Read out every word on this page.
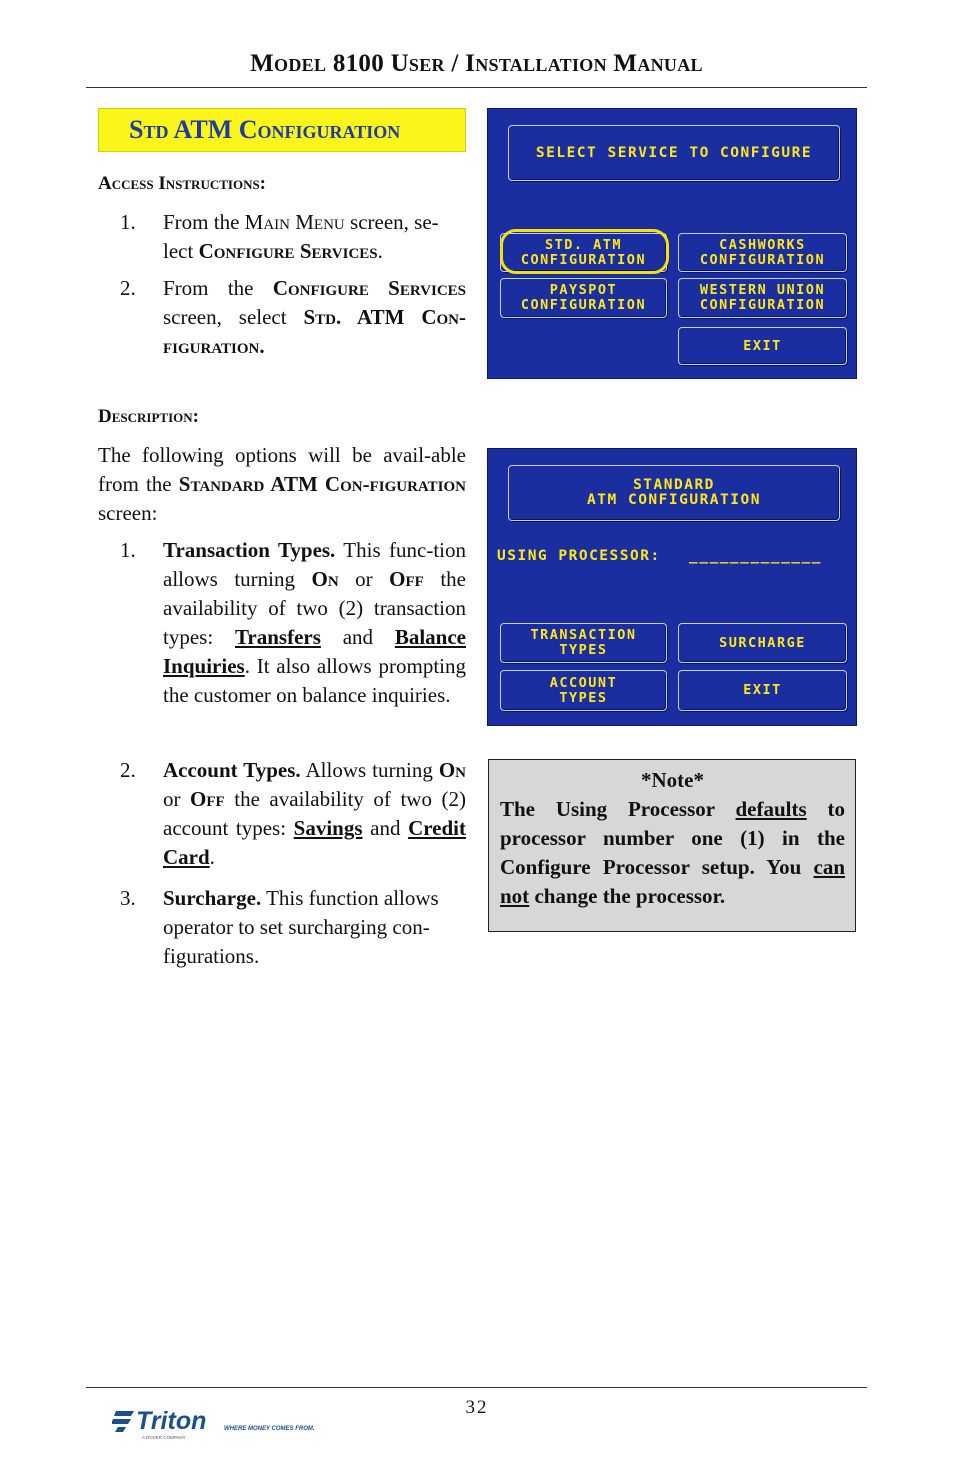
Model 8100 User / Installation Manual
Std ATM Configuration
Access Instructions:
1. From the Main Menu screen, se-lect Configure Services.
2. From the Configure Services screen, select Std. ATM Con-figuration.
Description:
The following options will be avail-able from the Standard ATM Con-figuration screen:
1. Transaction Types. This func-tion allows turning On or Off the availability of two (2) transaction types: Transfers and Balance Inquiries. It also allows prompting the customer on balance inquiries.
2. Account Types. Allows turning On or Off the availability of two (2) account types: Savings and Credit Card.
3. Surcharge. This function allows operator to set surcharging con-figurations.
SELECT SERVICE TO CONFIGURE
STD. ATM
CONFIGURATION
CASHWORKS
CONFIGURATION
PAYSPOT
CONFIGURATION
WESTERN UNION
CONFIGURATION
EXIT
STANDARD
ATM CONFIGURATION
USING PROCESSOR: _____________
TRANSACTION
TYPES	SURCHARGE
ACCOUNT
TYPES	EXIT
*Note*
The Using Processor defaults to processor number one (1) in the Configure Processor setup. You can not change the processor.
32
Triton	WHERE MONEY COMES FROM.
A DOVER COMPANY
